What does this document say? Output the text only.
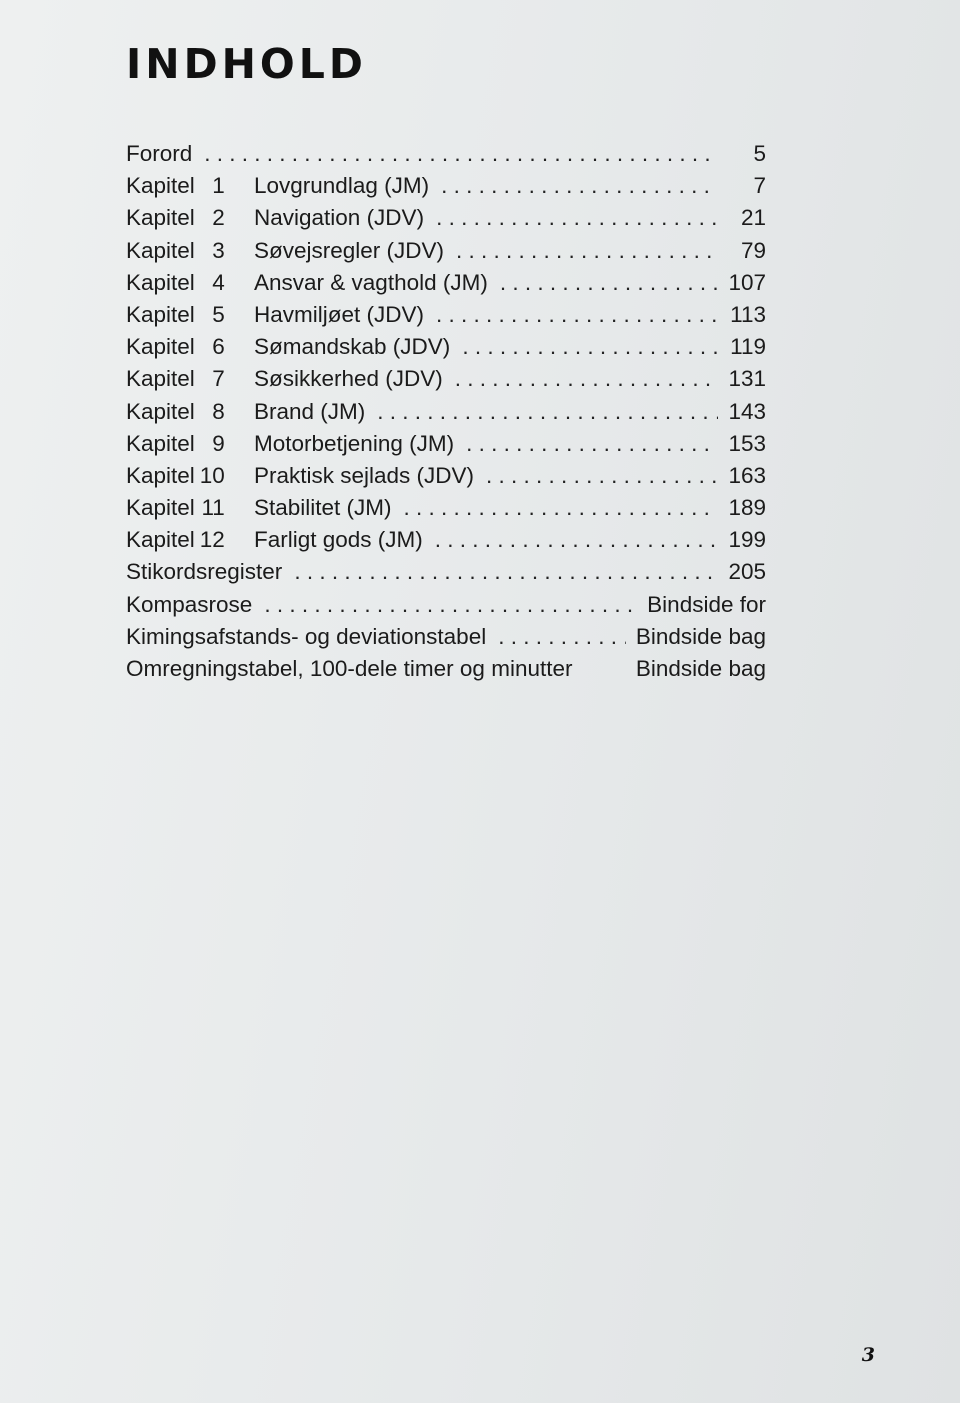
INDHOLD
Forord . . .	5
Kapitel 1	Lovgrundlag (JM) . . .	7
Kapitel 2	Navigation (JDV) . . .	21
Kapitel 3	Søvejsregler (JDV) . . .	79
Kapitel 4	Ansvar & vagthold (JM) . . .	107
Kapitel 5	Havmiljøet (JDV) . . .	113
Kapitel 6	Sømandskab (JDV) . . .	119
Kapitel 7	Søsikkerhed (JDV) . . .	131
Kapitel 8	Brand (JM) . . .	143
Kapitel 9	Motorbetjening (JM) . . .	153
Kapitel 10	Praktisk sejlads (JDV) . . .	163
Kapitel 11	Stabilitet (JM) . . .	189
Kapitel 12	Farligt gods (JM) . . .	199
Stikordsregister . . .	205
Kompasrose . . .	Bindside for
Kimingsafstands- og deviationstabel . . .	Bindside bag
Omregningstabel, 100-dele timer og minutter	Bindside bag
3
